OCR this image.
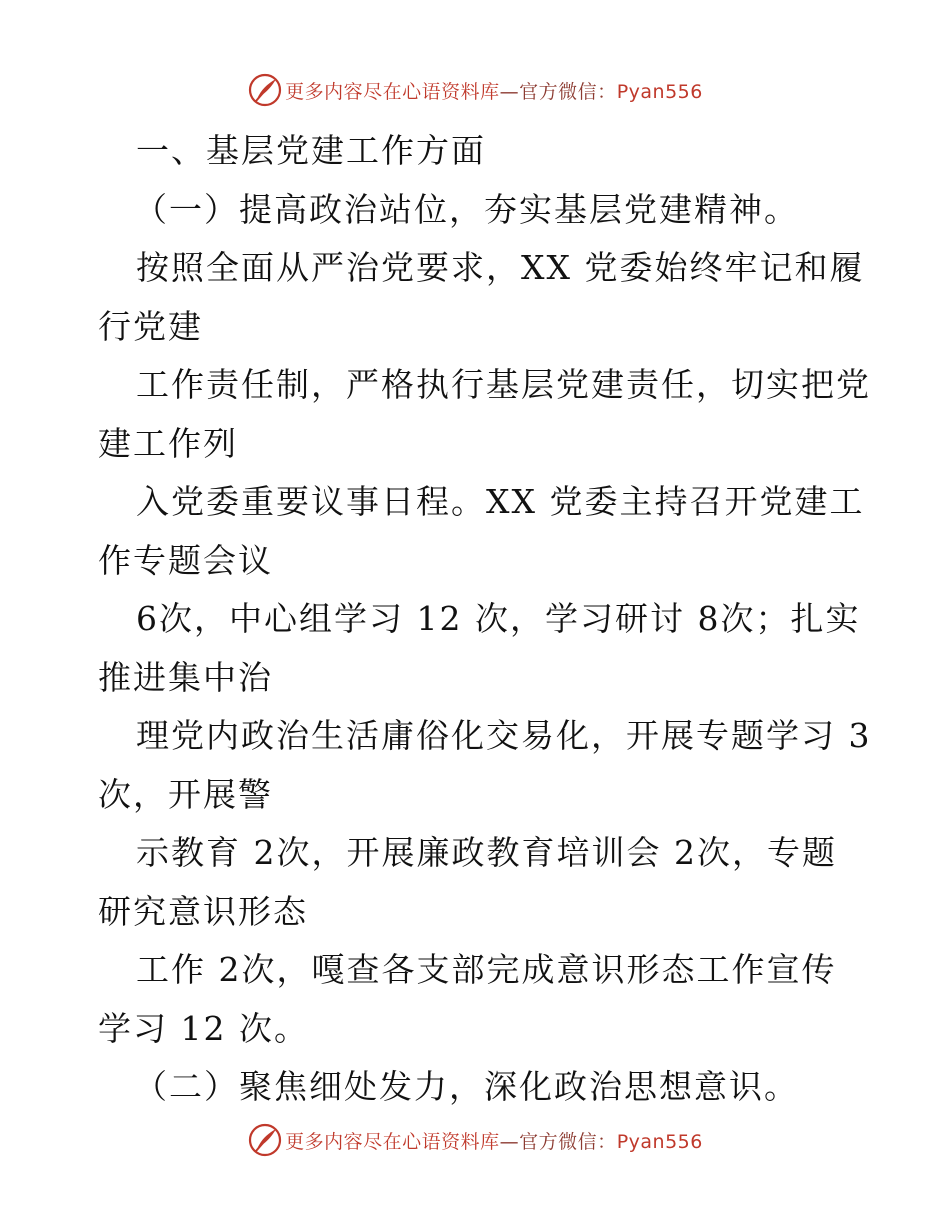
更多内容尽在心语资料库—官方微信：Pyan556
一、基层党建工作方面
（一）提高政治站位，夯实基层党建精神。
按照全面从严治党要求，XX 党委始终牢记和履
行党建
工作责任制，严格执行基层党建责任，切实把党
建工作列
入党委重要议事日程。XX 党委主持召开党建工
作专题会议
6次，中心组学习 12 次，学习研讨 8次；扎实
推进集中治
理党内政治生活庸俗化交易化，开展专题学习 3
次，开展警
示教育 2次，开展廉政教育培训会 2次，专题
研究意识形态
工作 2次，嘎查各支部完成意识形态工作宣传
学习 12 次。
（二）聚焦细处发力，深化政治思想意识。
更多内容尽在心语资料库—官方微信：Pyan556
